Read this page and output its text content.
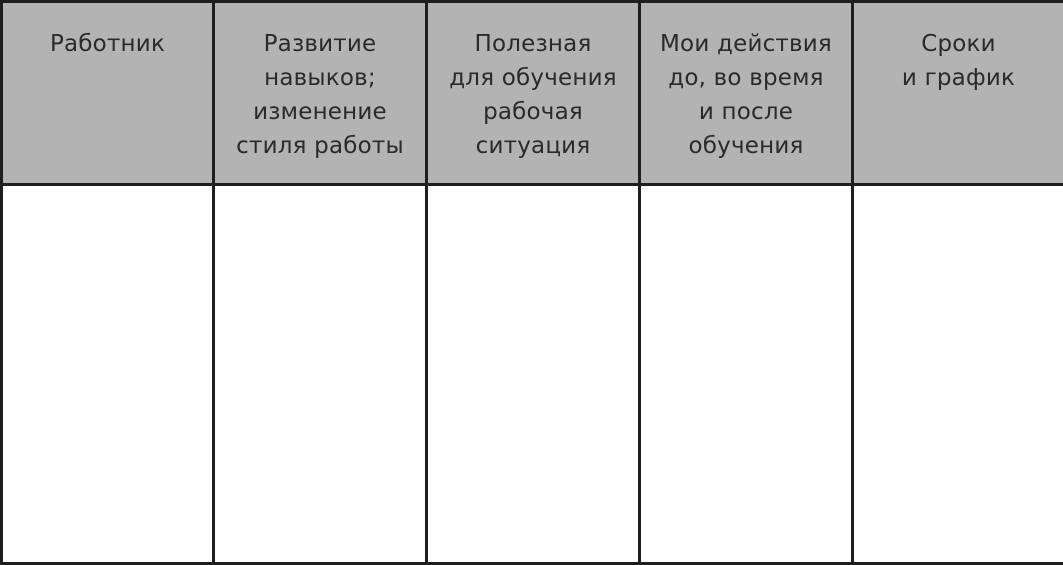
Работник	Развитие
навыков;
изменение
стиля работы	Полезная
для обучения
рабочая
ситуация	Мои действия
до, во время
и после
обучения	Сроки
и график
